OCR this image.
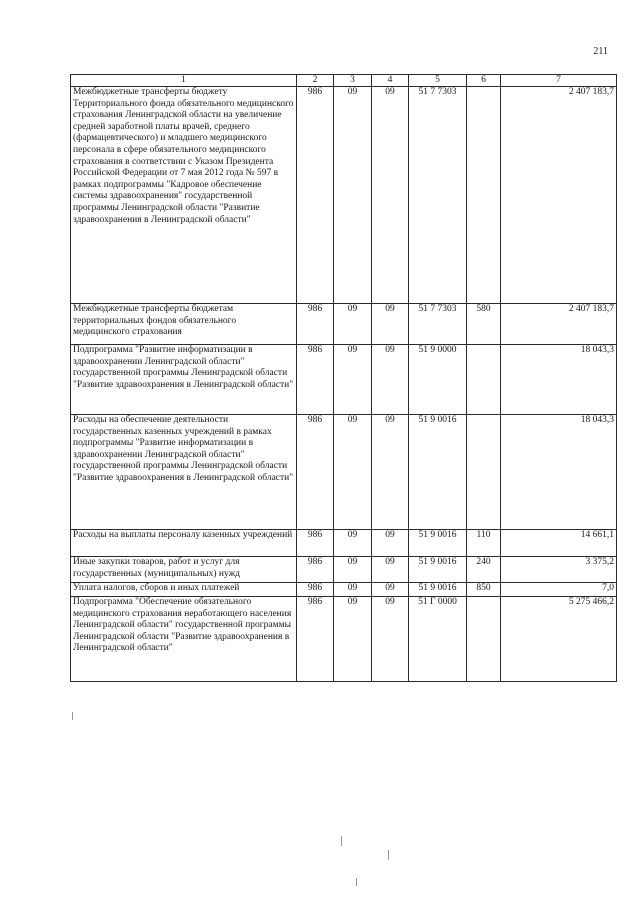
211
1	2	3	4	5	6	7
Межбюджетные трансферты бюджету Территориального фонда обязательного медицинского страхования Ленинградской области на увеличение средней заработной платы врачей, среднего (фармацевтического) и младшего медицинского персонала в сфере обязательного медицинского страхования в соответствии с Указом Президента Российской Федерации от 7 мая 2012 года № 597 в рамках подпрограммы "Кадровое обеспечение системы здравоохранения" государственной программы Ленинградской области "Развитие здравоохранения в Ленинградской области"	986	09	09	51 7 7303		2 407 183,7
Межбюджетные трансферты бюджетам территориальных фондов обязательного медицинского страхования	986	09	09	51 7 7303	580	2 407 183,7
Подпрограмма "Развитие информатизации в здравоохранении Ленинградской области" государственной программы Ленинградской области "Развитие здравоохранения в Ленинградской области"	986	09	09	51 9 0000		18 043,3
Расходы на обеспечение деятельности государственных казенных учреждений в рамках подпрограммы "Развитие информатизации в здравоохранении Ленинградской области" государственной программы Ленинградской области "Развитие здравоохранения в Ленинградской области"	986	09	09	51 9 0016		18 043,3
Расходы на выплаты персоналу казенных учреждений	986	09	09	51 9 0016	110	14 661,1
Иные закупки товаров, работ и услуг для государственных (муниципальных) нужд	986	09	09	51 9 0016	240	3 375,2
Уплата налогов, сборов и иных платежей	986	09	09	51 9 0016	850	7,0
Подпрограмма "Обеспечение обязательного медицинского страхования неработающего населения Ленинградской области" государственной программы Ленинградской области "Развитие здравоохранения в Ленинградской области"	986	09	09	51 Г 0000		5 275 466,2
